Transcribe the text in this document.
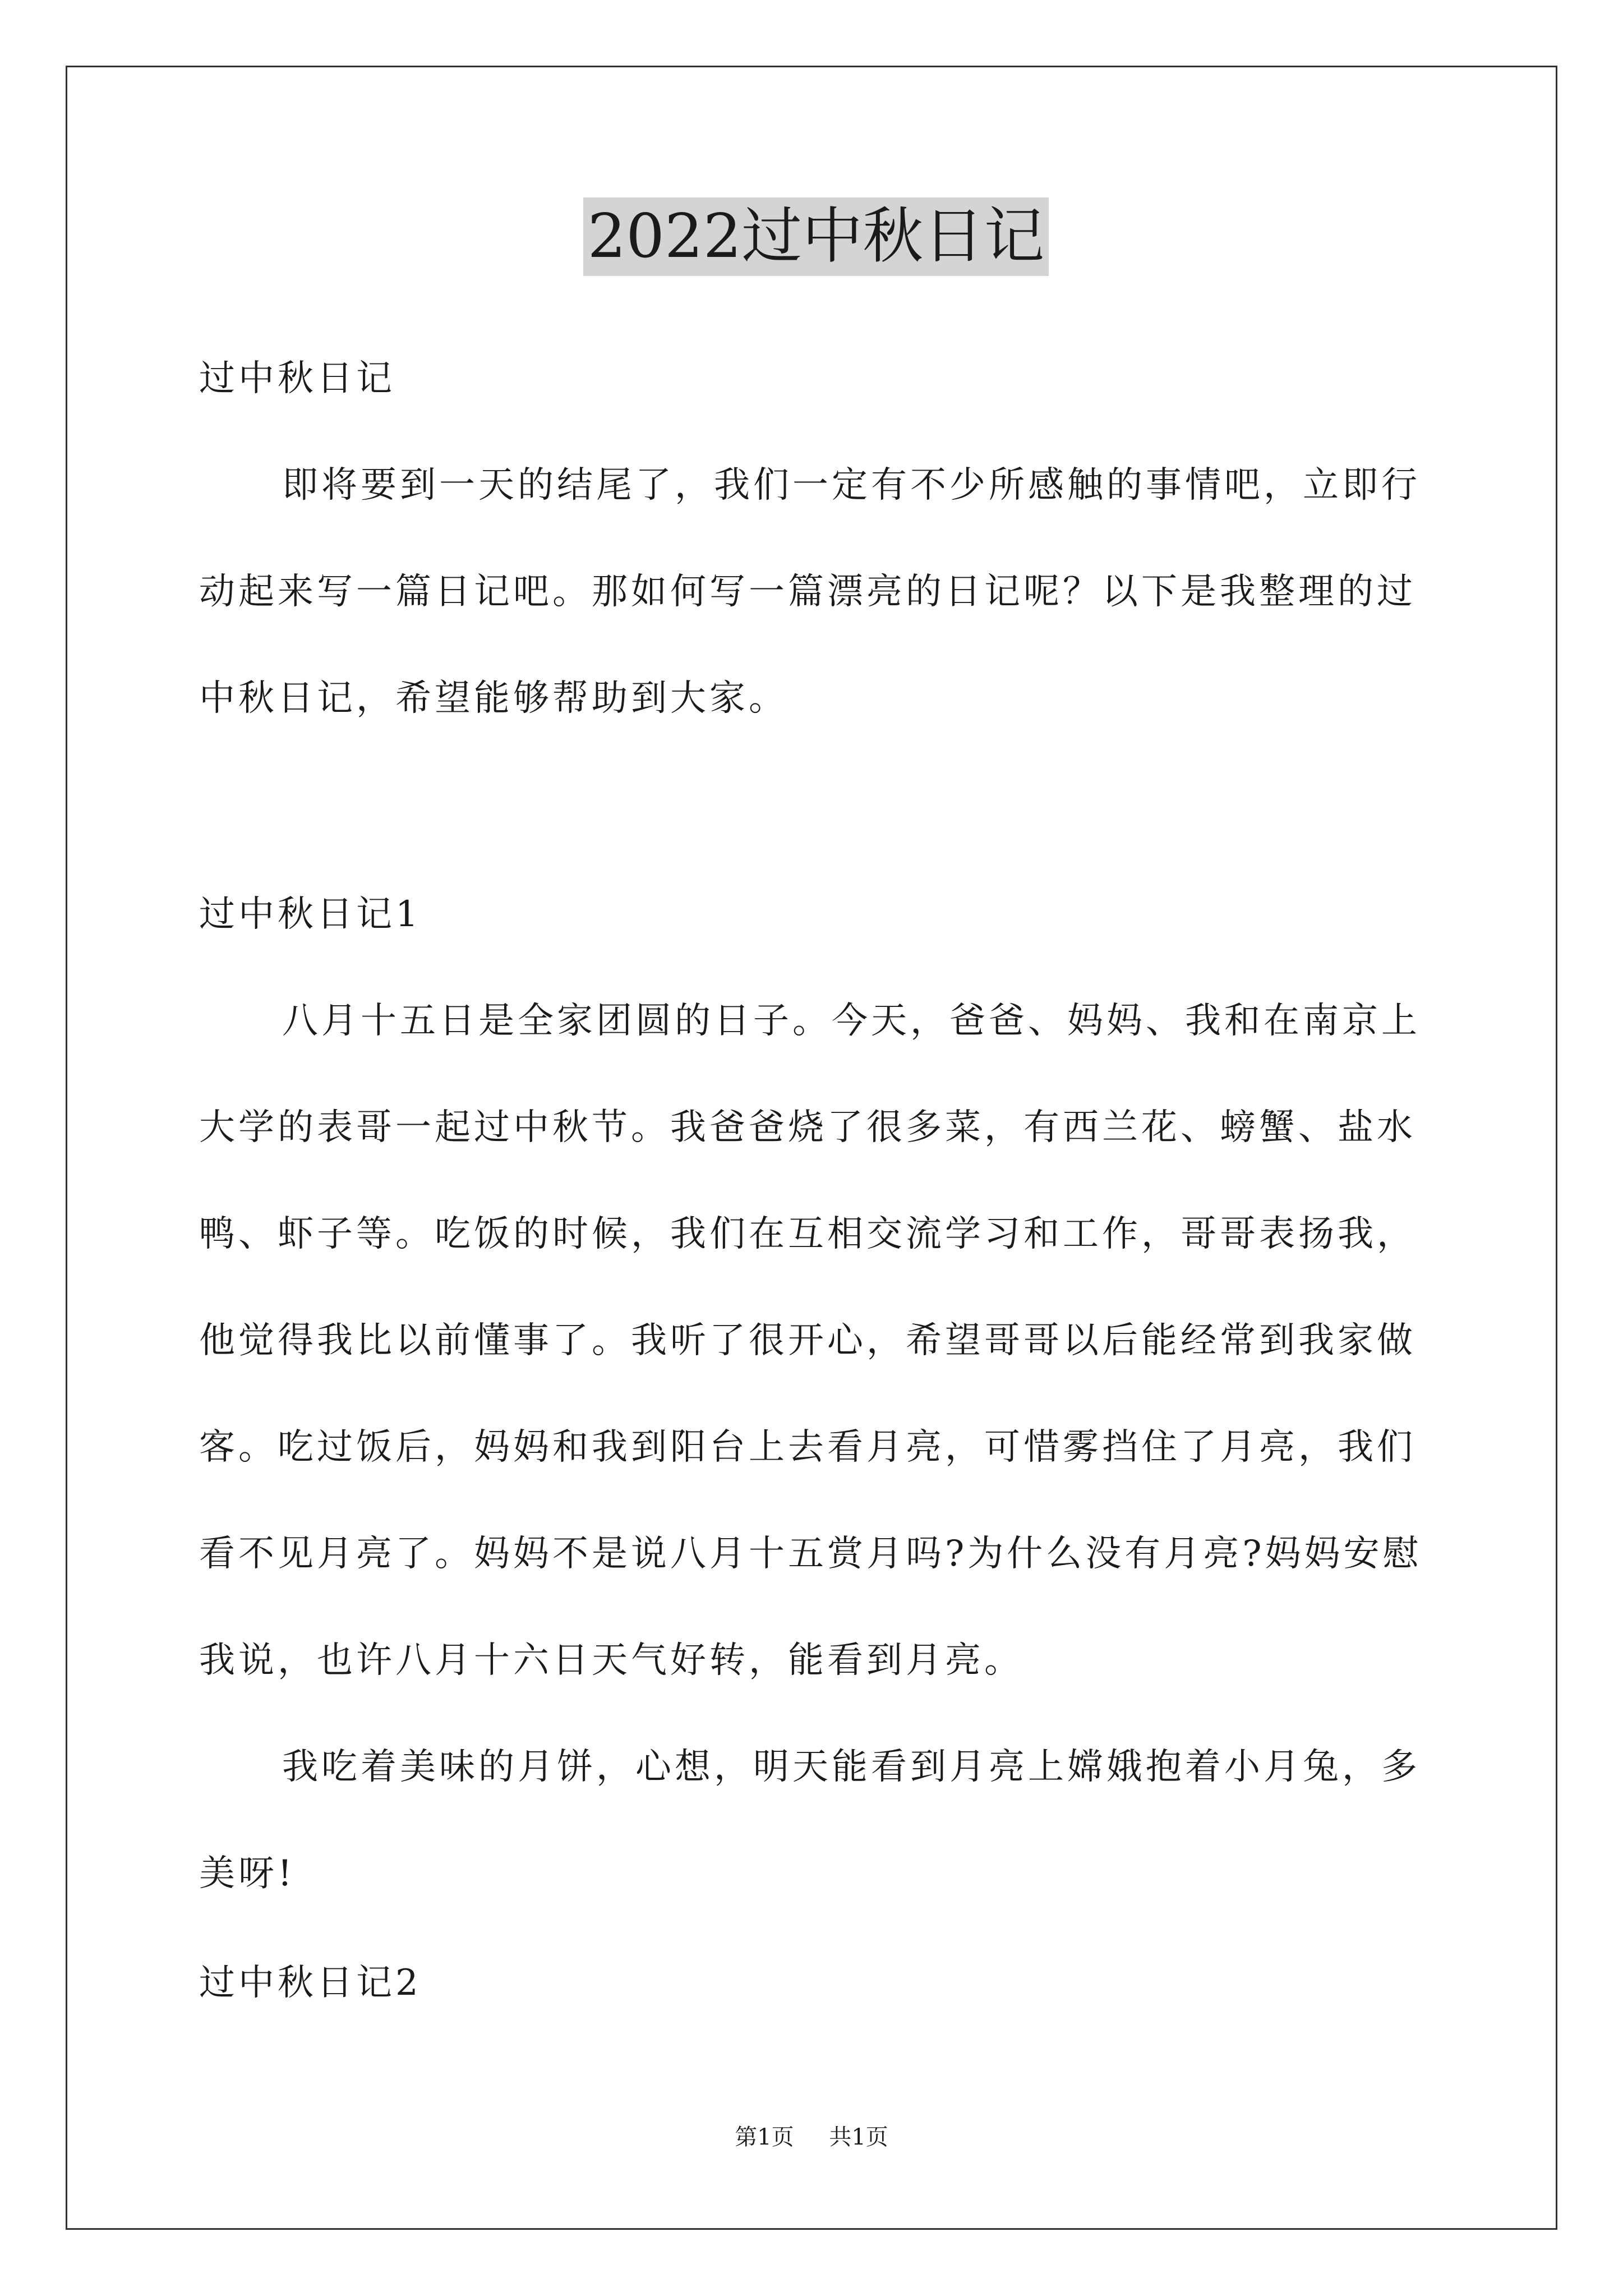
2022过中秋日记

过中秋日记

即将要到一天的结尾了，我们一定有不少所感触的事情吧，立即行动起来写一篇日记吧。那如何写一篇漂亮的日记呢？以下是我整理的过中秋日记，希望能够帮助到大家。

过中秋日记1

八月十五日是全家团圆的日子。今天，爸爸、妈妈、我和在南京上大学的表哥一起过中秋节。我爸爸烧了很多菜，有西兰花、螃蟹、盐水鸭、虾子等。吃饭的时候，我们在互相交流学习和工作，哥哥表扬我，他觉得我比以前懂事了。我听了很开心，希望哥哥以后能经常到我家做客。吃过饭后，妈妈和我到阳台上去看月亮，可惜雾挡住了月亮，我们看不见月亮了。妈妈不是说八月十五赏月吗?为什么没有月亮?妈妈安慰我说，也许八月十六日天气好转，能看到月亮。

我吃着美味的月饼，心想，明天能看到月亮上嫦娥抱着小月兔，多美呀!

过中秋日记2

第1页 共1页
